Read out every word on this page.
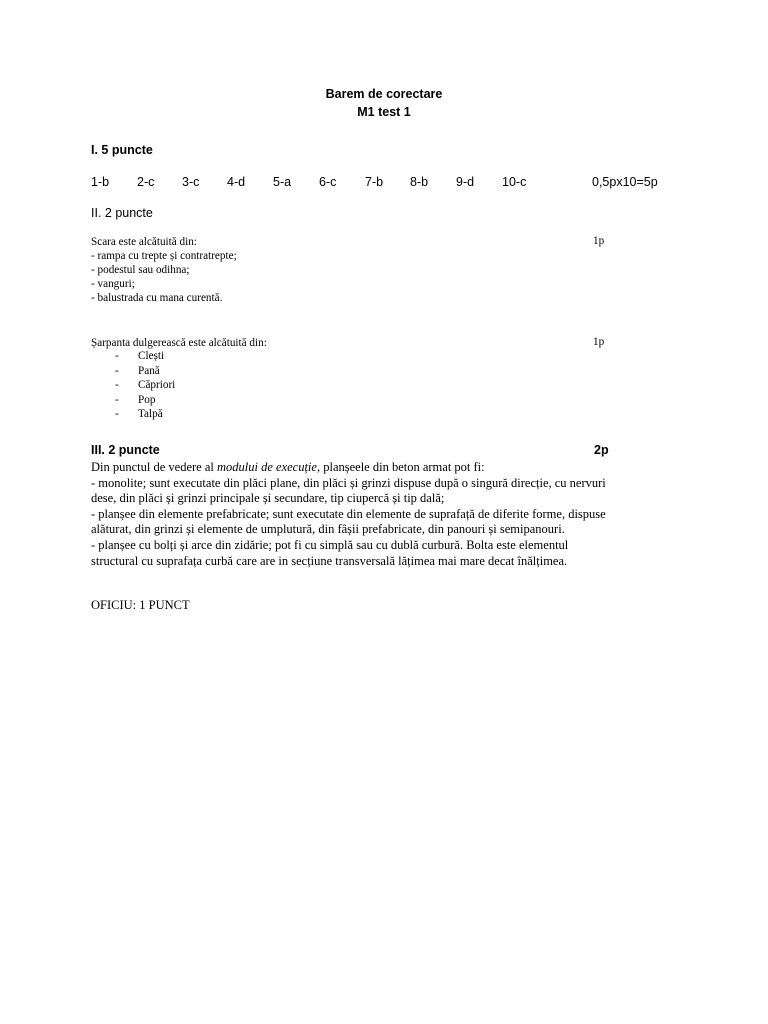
Barem de corectare
M1 test 1
I. 5 puncte
1-b 2-c 3-c 4-d 5-a 6-c 7-b 8-b 9-d 10-c	0,5px10=5p
II. 2 puncte
Scara este alcătuită din:	1p
- rampa cu trepte și contratrepte;
- podestul sau odihna;
- vanguri;
- balustrada cu mana curentă.
Șarpanta dulgerească este alcătuită din:	1p
- Clești
- Pană
- Căpriori
- Pop
- Talpă
III. 2 puncte	2p
Din punctul de vedere al modului de execuție, planșeele din beton armat pot fi:
- monolite; sunt executate din plăci plane, din plăci și grinzi dispuse după o singură direcție, cu nervuri
dese, din plăci și grinzi principale și secundare, tip ciupercă și tip dală;
- planșee din elemente prefabricate; sunt executate din elemente de suprafață de diferite forme, dispuse
alăturat, din grinzi și elemente de umplutură, din fâșii prefabricate, din panouri și semipanouri.
- planșee cu bolți și arce din zidărie; pot fi cu simplă sau cu dublă curbură. Bolta este elementul
structural cu suprafața curbă care are in secțiune transversală lățimea mai mare decat înălțimea.
OFICIU: 1 PUNCT
